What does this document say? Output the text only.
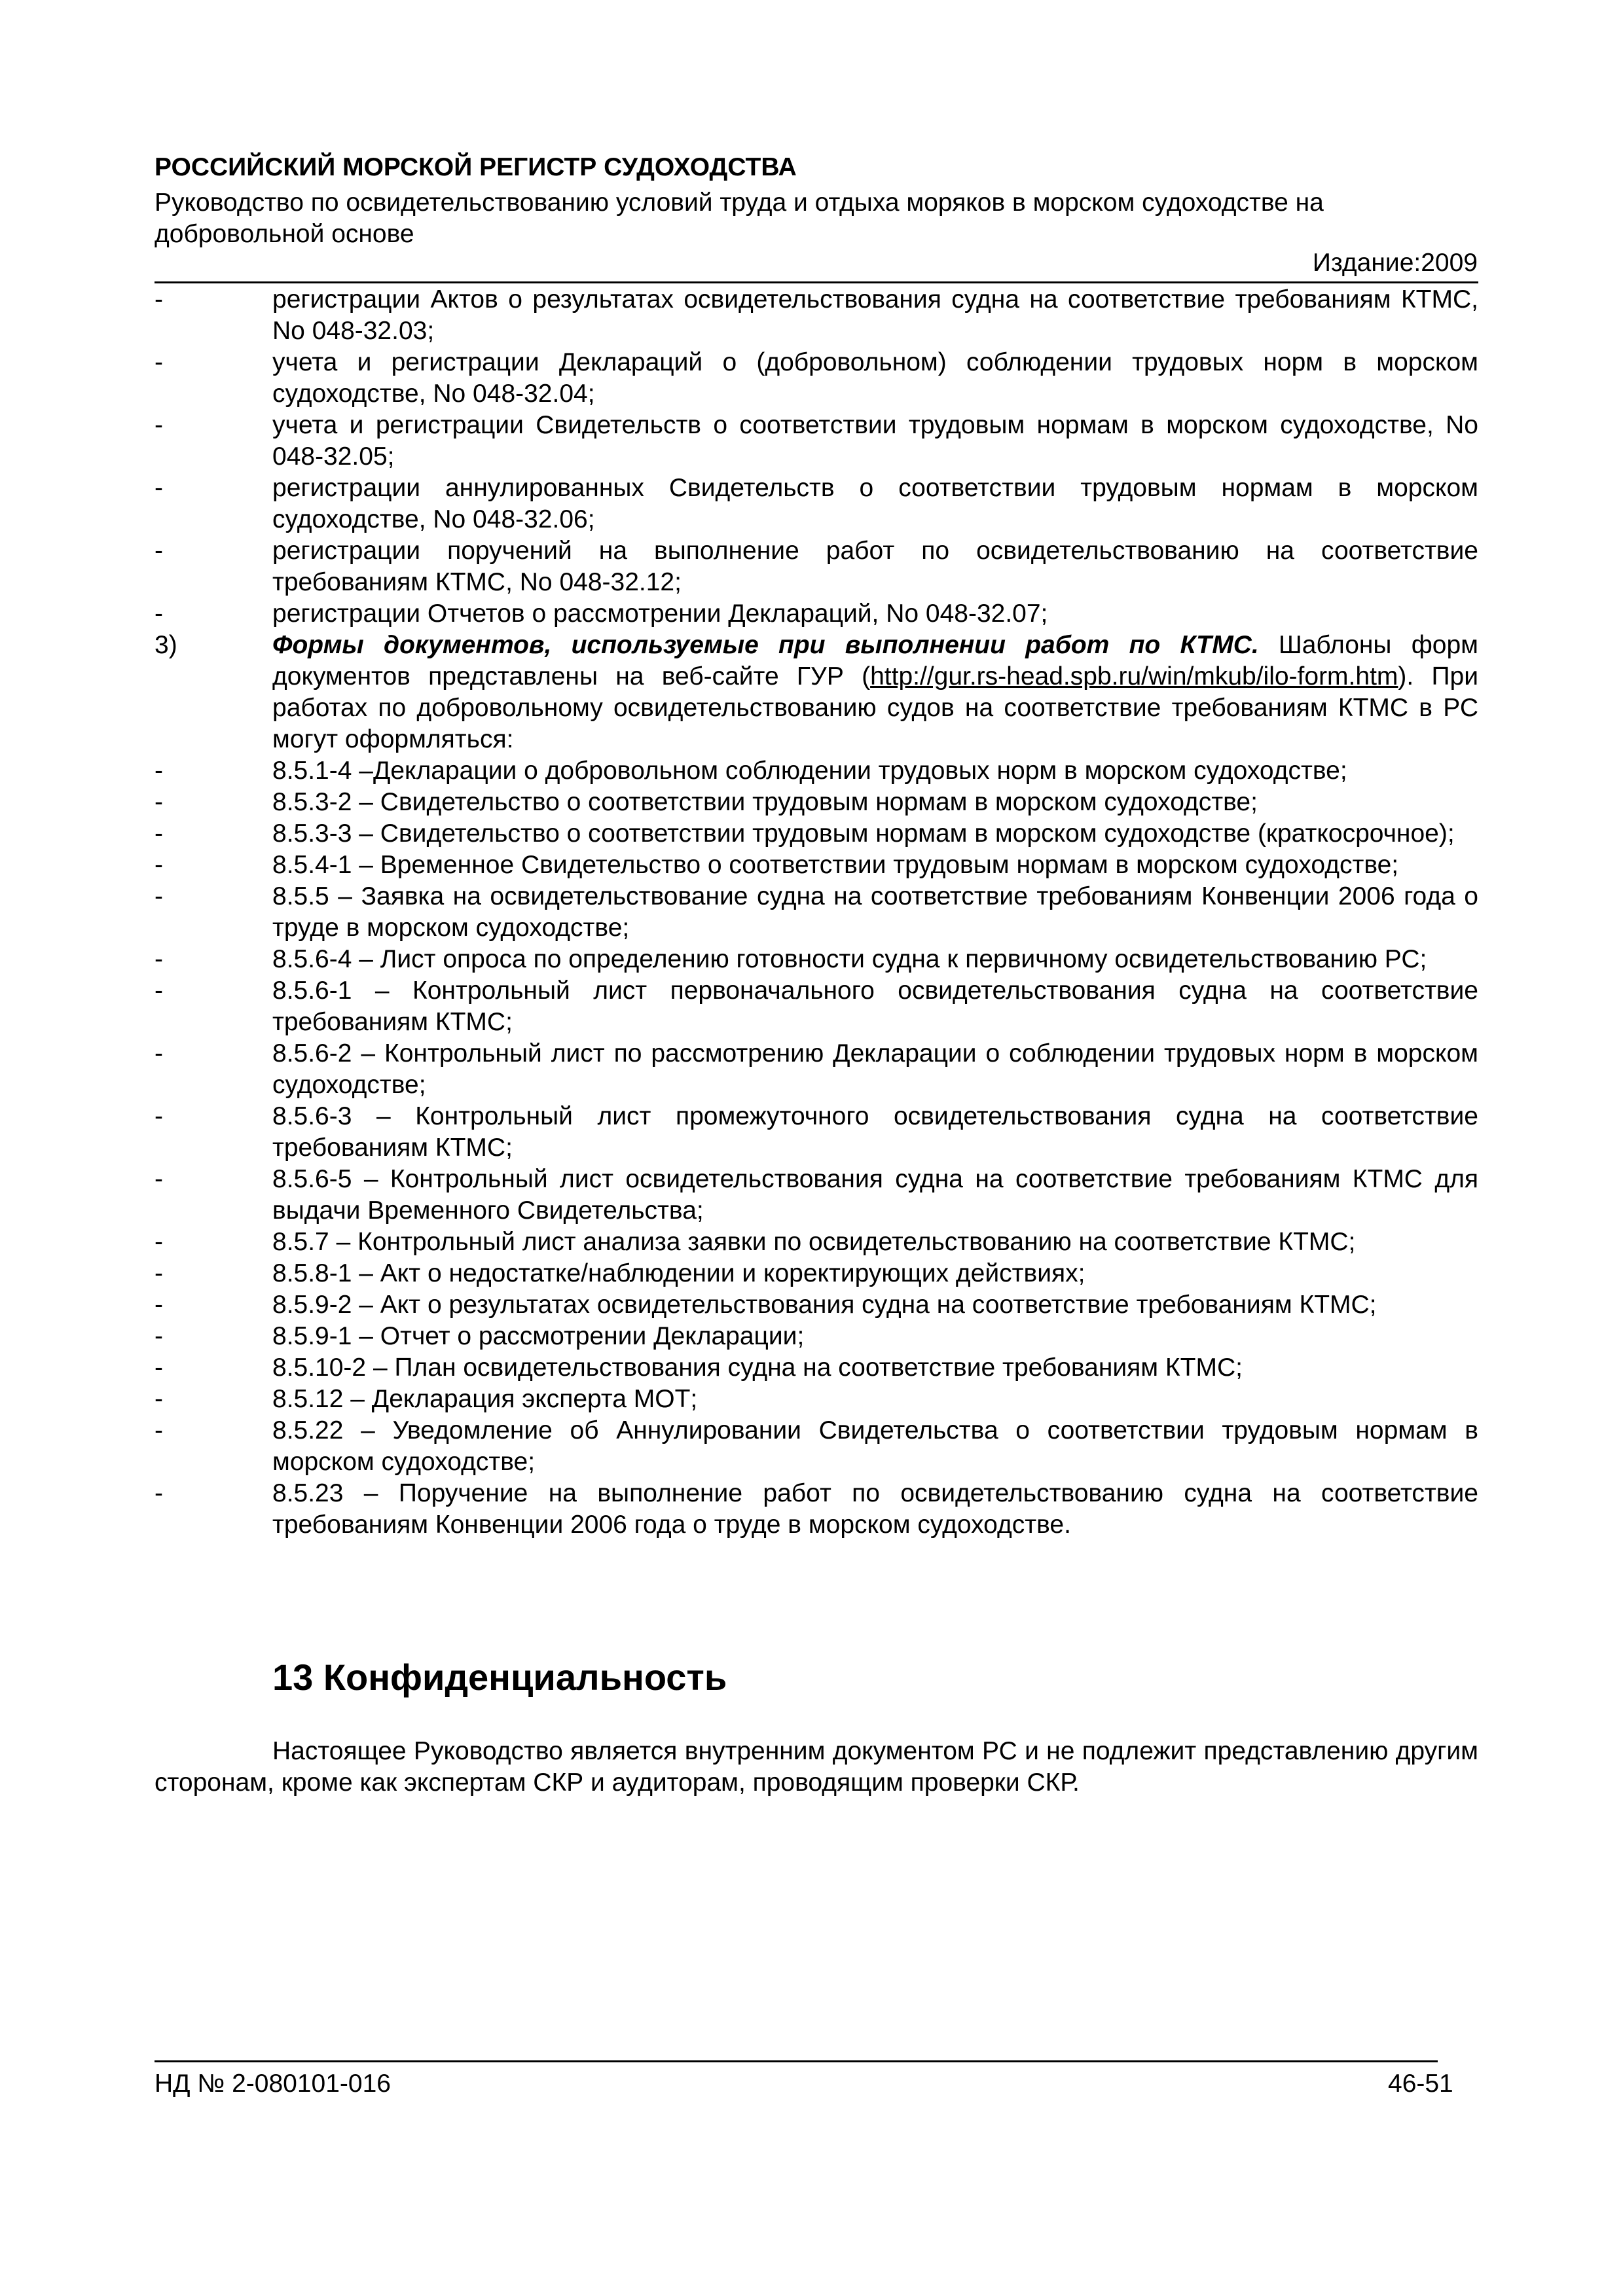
РОССИЙСКИЙ МОРСКОЙ РЕГИСТР СУДОХОДСТВА
Руководство по освидетельствованию условий труда и отдыха моряков в морском судоходстве на добровольной основе
Издание:2009
-	регистрации Актов о результатах освидетельствования судна на соответствие требованиям КТМС, No 048-32.03;
-	учета и регистрации Деклараций о (добровольном) соблюдении трудовых норм в морском судоходстве, No 048-32.04;
-	учета и регистрации Свидетельств о соответствии трудовым нормам в морском судоходстве, No 048-32.05;
-	регистрации аннулированных Свидетельств о соответствии трудовым нормам в морском судоходстве, No 048-32.06;
-	регистрации поручений на выполнение работ по освидетельствованию на соответствие требованиям КТМС, No 048-32.12;
-	регистрации Отчетов о рассмотрении Деклараций, No 048-32.07;
3)	Формы документов, используемые при выполнении работ по КТМС. Шаблоны форм документов представлены на веб-сайте ГУР (http://gur.rs-head.spb.ru/win/mkub/ilo-form.htm). При работах по добровольному освидетельствованию судов на соответствие требованиям КТМС в РС могут оформляться:
-	8.5.1-4 –Декларации о добровольном соблюдении трудовых норм в морском судоходстве;
-	8.5.3-2 – Свидетельство о соответствии трудовым нормам в морском судоходстве;
-	8.5.3-3 – Свидетельство о соответствии трудовым нормам в морском судоходстве (краткосрочное);
-	8.5.4-1 – Временное Свидетельство о соответствии трудовым нормам в морском судоходстве;
-	8.5.5 – Заявка на освидетельствование судна на соответствие требованиям Конвенции 2006 года о труде в морском судоходстве;
-	8.5.6-4 – Лист опроса по определению готовности судна к первичному освидетельствованию РС;
-	8.5.6-1 – Контрольный лист первоначального освидетельствования судна на соответствие требованиям КТМС;
-	8.5.6-2 – Контрольный лист по рассмотрению Декларации о соблюдении трудовых норм в морском судоходстве;
-	8.5.6-3 – Контрольный лист промежуточного освидетельствования судна на соответствие требованиям КТМС;
-	8.5.6-5 – Контрольный лист освидетельствования судна на соответствие требованиям КТМС для выдачи Временного Свидетельства;
-	8.5.7 – Контрольный лист анализа заявки по освидетельствованию на соответствие КТМС;
-	8.5.8-1 – Акт о недостатке/наблюдении и коректирующих действиях;
-	8.5.9-2 – Акт о результатах освидетельствования судна на соответствие требованиям КТМС;
-	8.5.9-1 – Отчет о рассмотрении Декларации;
-	8.5.10-2 – План освидетельствования судна на соответствие требованиям КТМС;
-	8.5.12 – Декларация эксперта МОТ;
-	8.5.22 – Уведомление об Аннулировании Свидетельства о соответствии трудовым нормам в морском судоходстве;
-	8.5.23 – Поручение на выполнение работ по освидетельствованию судна на соответствие требованиям Конвенции 2006 года о труде в морском судоходстве.
13 Конфиденциальность
Настоящее Руководство является внутренним документом РС и не подлежит представлению другим сторонам, кроме как экспертам СКР и аудиторам, проводящим проверки СКР.
НД № 2-080101-016	46-51
